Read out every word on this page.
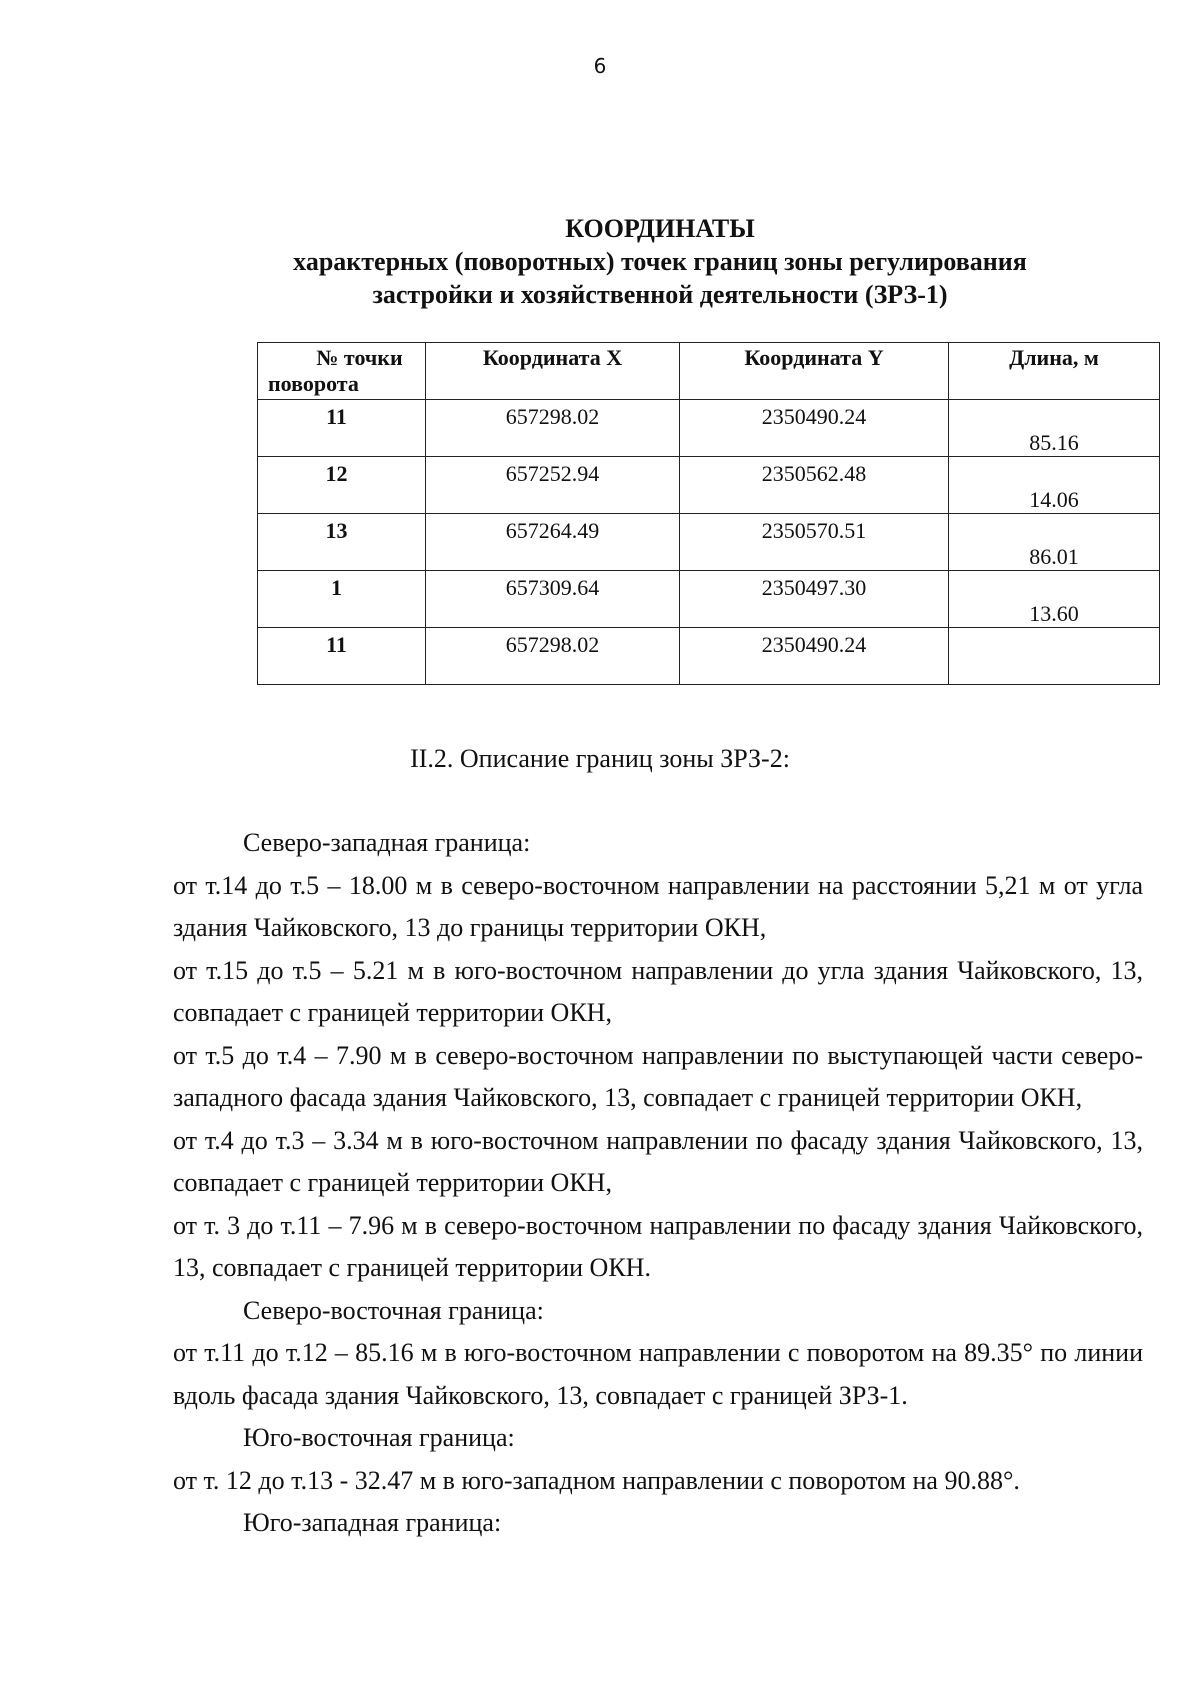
6
КООРДИНАТЫ
характерных (поворотных) точек границ зоны регулирования
застройки и хозяйственной деятельности (ЗРЗ-1)
№ точки
поворота	Координата X	Координата Y	Длина, м

11	657298.02	2350490.24	85.16

12	657252.94	2350562.48	14.06

13	657264.49	2350570.51	86.01

1	657309.64	2350497.30	13.60

11	657298.02	2350490.24	

II.2. Описание границ зоны ЗРЗ-2:

Северо-западная граница:

от т.14 до т.5 – 18.00 м в северо-восточном направлении на расстоянии 5,21 м от угла здания Чайковского, 13 до границы территории ОКН,

от т.15 до т.5 – 5.21 м в юго-восточном направлении до угла здания Чайковского, 13, совпадает с границей территории ОКН,

от т.5 до т.4 – 7.90 м в северо-восточном направлении по выступающей части северо-западного фасада здания Чайковского, 13, совпадает с границей территории ОКН,

от т.4 до т.3 – 3.34 м в юго-восточном направлении по фасаду здания Чайковского, 13, совпадает с границей территории ОКН,

от т. 3 до т.11 – 7.96 м в северо-восточном направлении по фасаду здания Чайковского, 13, совпадает с границей территории ОКН.

Северо-восточная граница:

от т.11 до т.12 – 85.16 м в юго-восточном направлении с поворотом на 89.35° по линии вдоль фасада здания Чайковского, 13, совпадает с границей ЗРЗ-1.

Юго-восточная граница:

от т. 12 до т.13 - 32.47 м в юго-западном направлении с поворотом на 90.88°.

Юго-западная граница:
